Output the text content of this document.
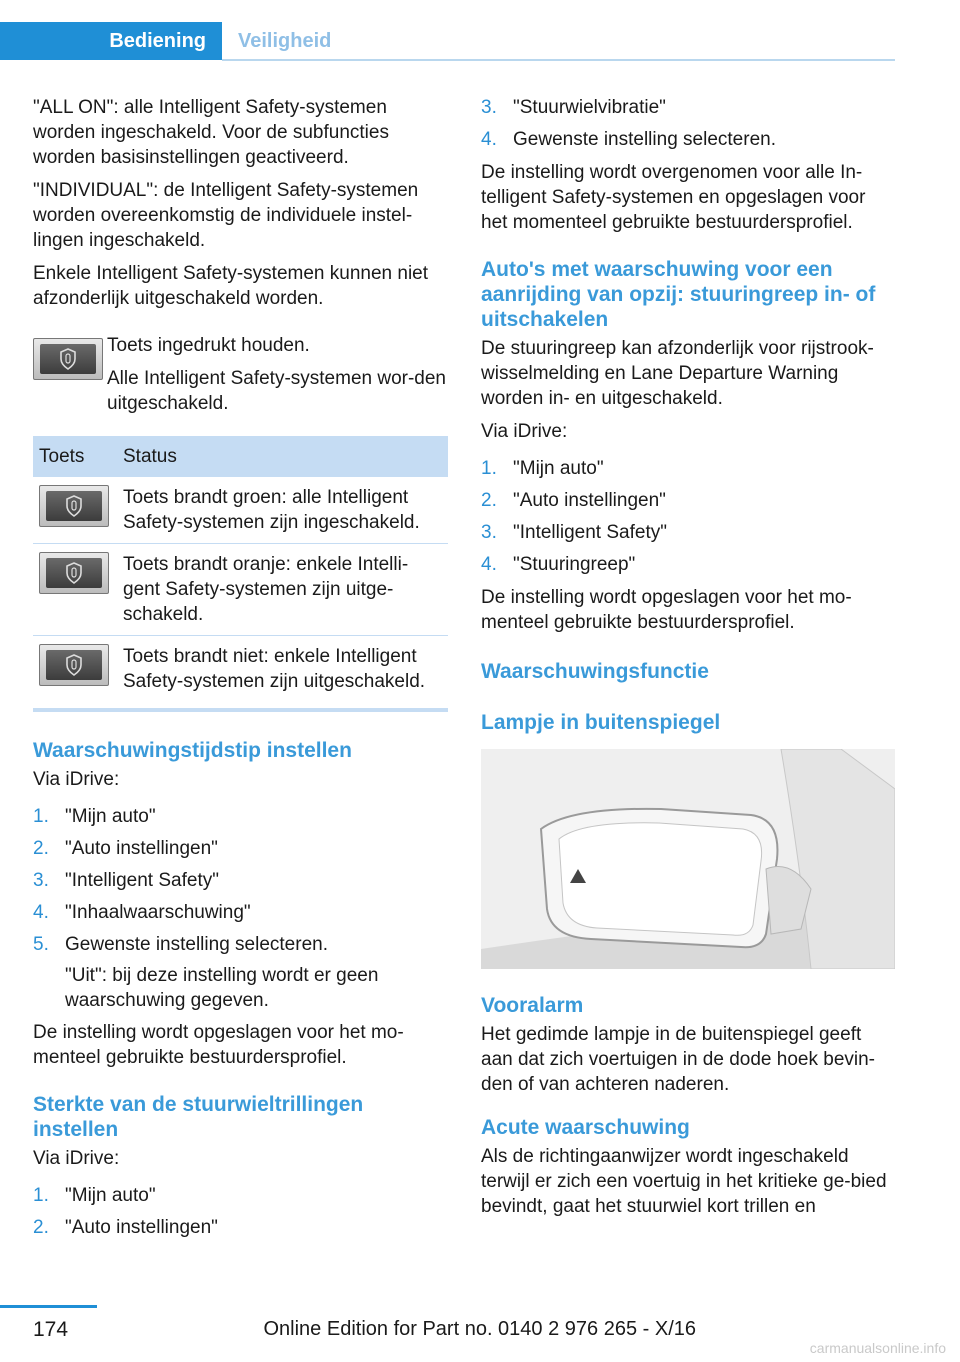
Bediening	Veiligheid

"ALL ON": alle Intelligent Safety-systemen worden ingeschakeld. Voor de subfuncties worden basisinstellingen geactiveerd.

"INDIVIDUAL": de Intelligent Safety-systemen worden overeenkomstig de individuele instel-lingen ingeschakeld.

Enkele Intelligent Safety-systemen kunnen niet afzonderlijk uitgeschakeld worden.

Toets ingedrukt houden.

Alle Intelligent Safety-systemen wor-den uitgeschakeld.

Toets	Status

	Toets brandt groen: alle Intelligent Safety-systemen zijn ingeschakeld.

	Toets brandt oranje: enkele Intelli-gent Safety-systemen zijn uitge-schakeld.

	Toets brandt niet: enkele Intelligent Safety-systemen zijn uitgeschakeld.
Waarschuwingstijdstip instellen

Via iDrive:

1. "Mijn auto"
2. "Auto instellingen"
3. "Intelligent Safety"
4. "Inhaalwaarschuwing"
5. Gewenste instelling selecteren.

"Uit": bij deze instelling wordt er geen waarschuwing gegeven.

De instelling wordt opgeslagen voor het mo-menteel gebruikte bestuurdersprofiel.

Sterkte van de stuurwieltrillingen instellen

Via iDrive:

1. "Mijn auto"
2. "Auto instellingen"
3. "Stuurwielvibratie"
4. Gewenste instelling selecteren.

De instelling wordt overgenomen voor alle In-telligent Safety-systemen en opgeslagen voor het momenteel gebruikte bestuurdersprofiel.

Auto's met waarschuwing voor een aanrijding van opzij: stuuringreep in- of uitschakelen

De stuuringreep kan afzonderlijk voor rijstrook-wisselmelding en Lane Departure Warning worden in- en uitgeschakeld.

Via iDrive:

1. "Mijn auto"
2. "Auto instellingen"
3. "Intelligent Safety"
4. "Stuuringreep"

De instelling wordt opgeslagen voor het mo-menteel gebruikte bestuurdersprofiel.

Waarschuwingsfunctie
Lampje in buitenspiegel
Vooralarm

Het gedimde lampje in de buitenspiegel geeft aan dat zich voertuigen in de dode hoek bevin-den of van achteren naderen.

Acute waarschuwing

Als de richtingaanwijzer wordt ingeschakeld terwijl er zich een voertuig in het kritieke ge-bied bevindt, gaat het stuurwiel kort trillen en

174	Online Edition for Part no. 0140 2 976 265 - X/16
carmanualsonline.info
